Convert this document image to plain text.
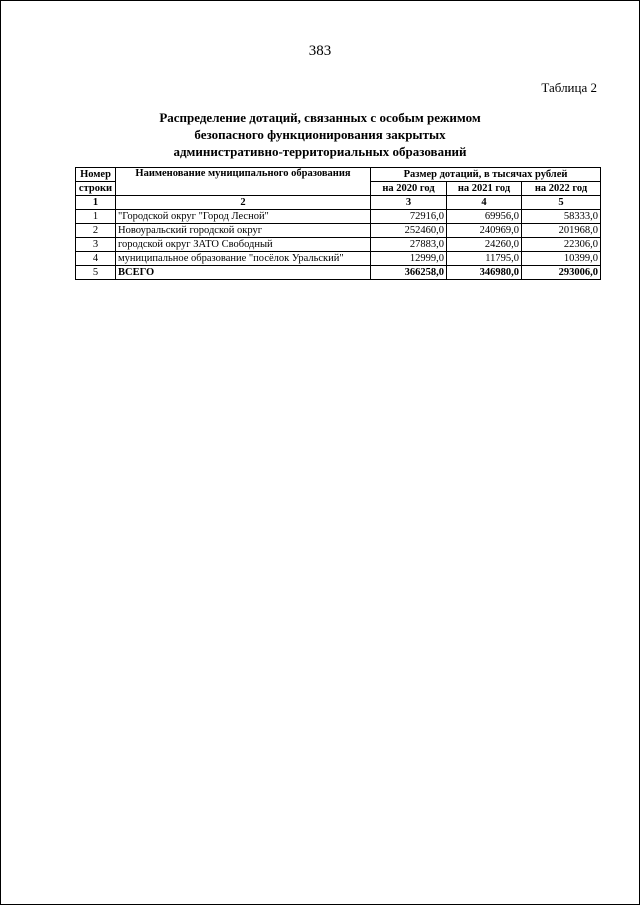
383
Таблица 2
Распределение дотаций, связанных с особым режимом
безопасного функционирования закрытых
административно-территориальных образований
Номер	Наименование муниципального образования	Размер дотаций, в тысячах рублей		
строки		на 2020 год	на 2021 год	на 2022 год
1	2	3	4	5
1	"Городской округ "Город Лесной"	72916,0	69956,0	58333,0
2	Новоуральский городской округ	252460,0	240969,0	201968,0
3	городской округ ЗАТО Свободный	27883,0	24260,0	22306,0
4	муниципальное образование "посёлок Уральский"	12999,0	11795,0	10399,0
5	ВСЕГО	366258,0	346980,0	293006,0
